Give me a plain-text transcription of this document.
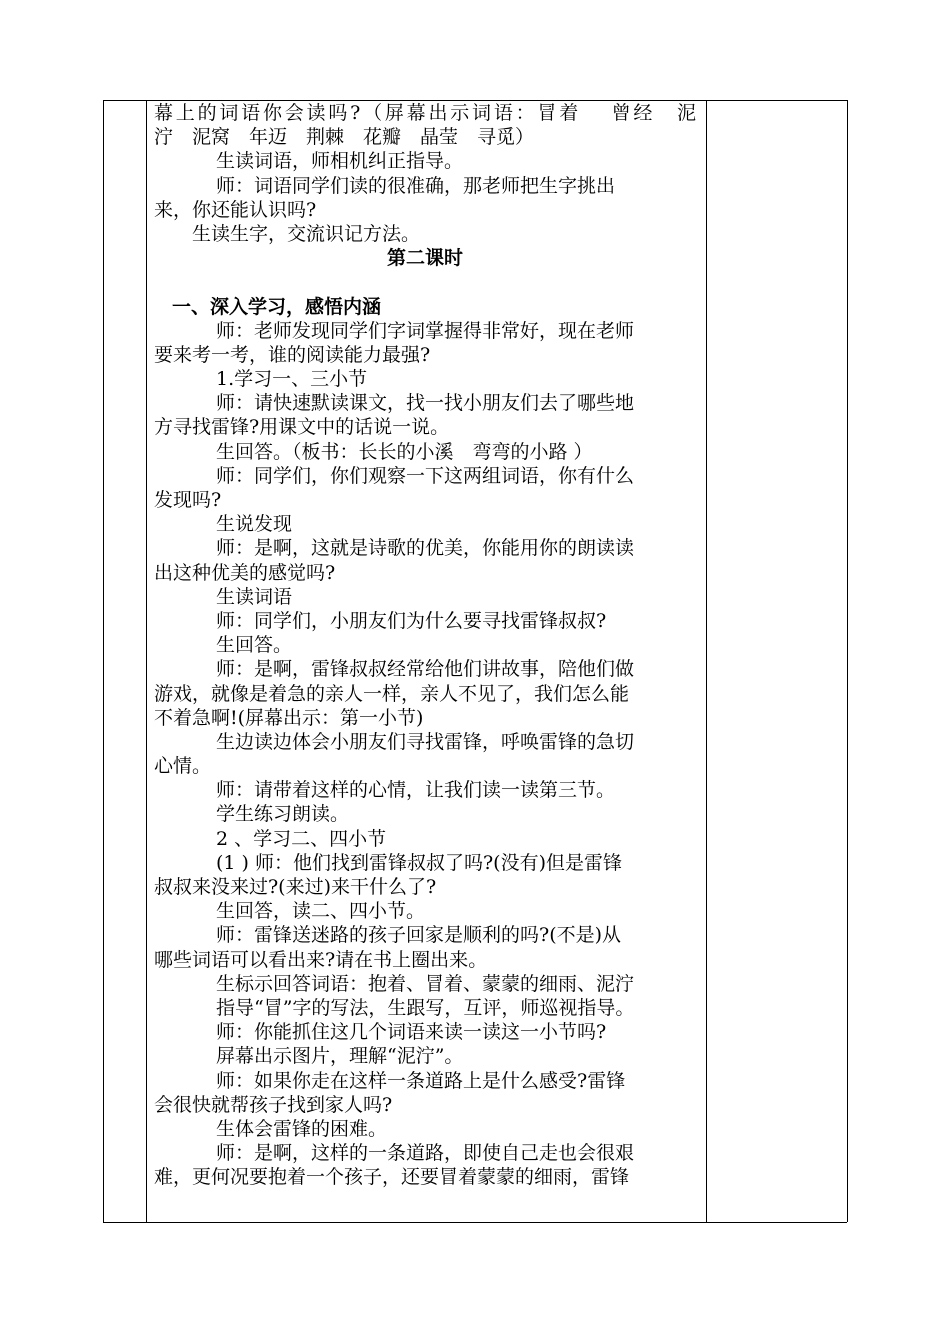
幕上的词语你会读吗?（屏幕出示词语：冒着　 曾经　泥
泞　泥窝　年迈　荆棘　花瓣　晶莹　寻觅）
生读词语，师相机纠正指导。
师：词语同学们读的很准确，那老师把生字挑出
来，你还能认识吗?
生读生字，交流识记方法。
第二课时
一、深入学习，感悟内涵
师：老师发现同学们字词掌握得非常好，现在老师
要来考一考，谁的阅读能力最强?
1.学习一、三小节
师：请快速默读课文，找一找小朋友们去了哪些地
方寻找雷锋?用课文中的话说一说。
生回答。（板书：长长的小溪　弯弯的小路 ）
师：同学们，你们观察一下这两组词语，你有什么
发现吗?
生说发现
师：是啊，这就是诗歌的优美，你能用你的朗读读
出这种优美的感觉吗?
生读词语
师：同学们，小朋友们为什么要寻找雷锋叔叔?
生回答。
师：是啊，雷锋叔叔经常给他们讲故事，陪他们做
游戏，就像是着急的亲人一样，亲人不见了，我们怎么能
不着急啊!(屏幕出示：第一小节)
生边读边体会小朋友们寻找雷锋，呼唤雷锋的急切
心情。
师：请带着这样的心情，让我们读一读第三节。
学生练习朗读。
2 、学习二、四小节
(1 ) 师：他们找到雷锋叔叔了吗?(没有)但是雷锋
叔叔来没来过?(来过)来干什么了?
生回答，读二、四小节。
师：雷锋送迷路的孩子回家是顺利的吗?(不是)从
哪些词语可以看出来?请在书上圈出来。
生标示回答词语：抱着、冒着、蒙蒙的细雨、泥泞
指导“冒”字的写法，生跟写，互评，师巡视指导。
师：你能抓住这几个词语来读一读这一小节吗?
屏幕出示图片，理解“泥泞”。
师：如果你走在这样一条道路上是什么感受?雷锋
会很快就帮孩子找到家人吗?
生体会雷锋的困难。
师：是啊，这样的一条道路，即使自己走也会很艰
难，更何况要抱着一个孩子，还要冒着蒙蒙的细雨，雷锋
